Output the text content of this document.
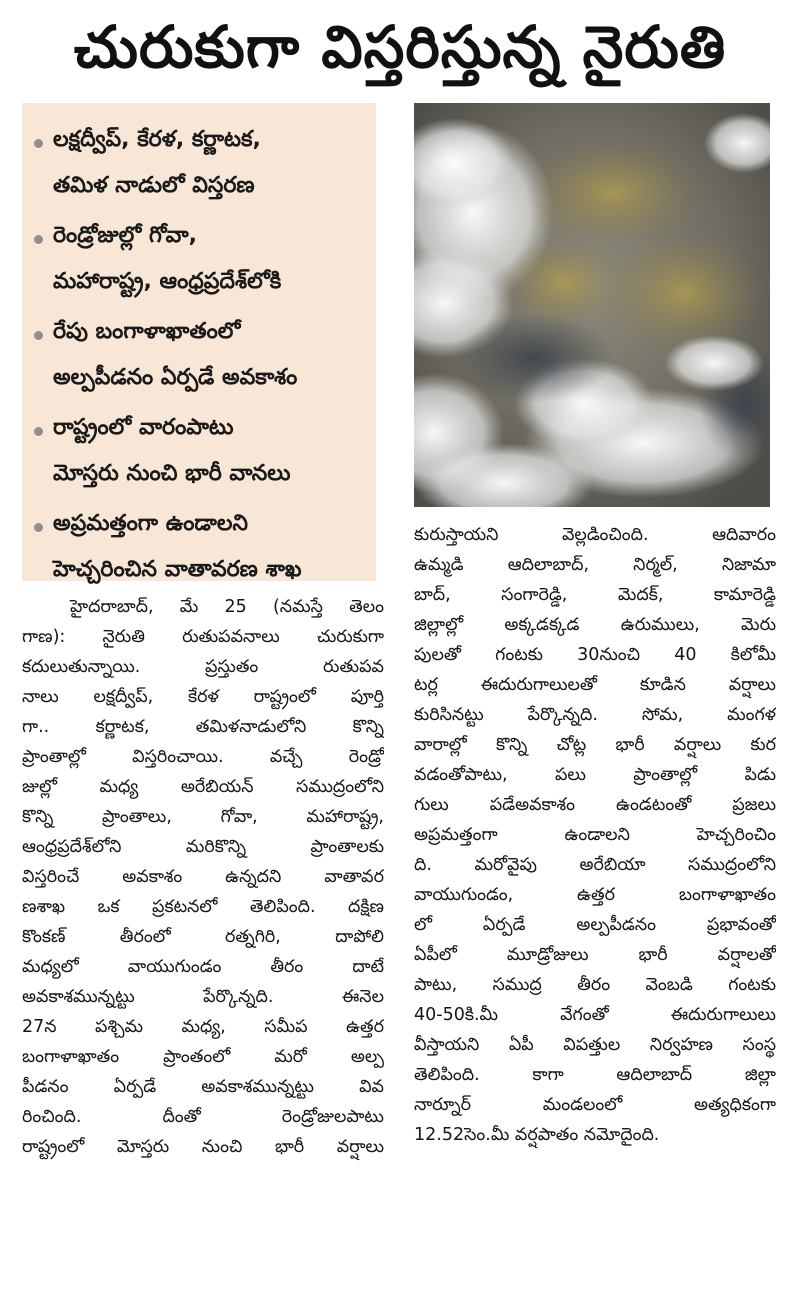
చురుకుగా విస్తరిస్తున్న నైరుతి
లక్షద్వీప్, కేరళ, కర్ణాటక,
తమిళ నాడులో విస్తరణ
రెండ్రోజుల్లో గోవా,
మహారాష్ట్ర, ఆంధ్రప్రదేశ్‌లోకి
రేపు బంగాళాఖాతంలో
అల్పపీడనం ఏర్పడే అవకాశం
రాష్ట్రంలో వారంపాటు
మోస్తరు నుంచి భారీ వానలు
అప్రమత్తంగా ఉండాలని
హెచ్చరించిన వాతావరణ శాఖ
హైదరాబాద్, మే 25 (నమస్తే తెలం
గాణ): నైరుతి రుతుపవనాలు చురుకుగా
కదులుతున్నాయి. ప్రస్తుతం రుతుపవ
నాలు లక్షద్వీప్, కేరళ రాష్ట్రంలో పూర్తి
గా.. కర్ణాటక, తమిళనాడులోని కొన్ని
ప్రాంతాల్లో విస్తరించాయి. వచ్చే రెండ్రో
జుల్లో మధ్య అరేబియన్ సముద్రంలోని
కొన్ని ప్రాంతాలు, గోవా, మహారాష్ట్ర,
ఆంధ్రప్రదేశ్‌లోని మరికొన్ని ప్రాంతాలకు
విస్తరించే అవకాశం ఉన్నదని వాతావర
ణశాఖ ఒక ప్రకటనలో తెలిపింది. దక్షిణ
కొంకణ్ తీరంలో రత్నగిరి, దాపోలి
మధ్యలో వాయుగుండం తీరం దాటే
అవకాశమున్నట్టు పేర్కొన్నది. ఈనెల
27న పశ్చిమ మధ్య, సమీప ఉత్తర
బంగాళాఖాతం ప్రాంతంలో మరో అల్ప
పీడనం ఏర్పడే అవకాశమున్నట్టు వివ
రించింది. దీంతో రెండ్రోజులపాటు
రాష్ట్రంలో మోస్తరు నుంచి భారీ వర్షాలు
కురుస్తాయని వెల్లడించింది. ఆదివారం
ఉమ్మడి ఆదిలాబాద్, నిర్మల్, నిజామా
బాద్, సంగారెడ్డి, మెదక్, కామారెడ్డి
జిల్లాల్లో అక్కడక్కడ ఉరుములు, మెరు
పులతో గంటకు 30నుంచి 40 కిలోమీ
టర్ల ఈదురుగాలులతో కూడిన వర్షాలు
కురిసినట్టు పేర్కొన్నది. సోమ, మంగళ
వారాల్లో కొన్ని చోట్ల భారీ వర్షాలు కుర
వడంతోపాటు, పలు ప్రాంతాల్లో పిడు
గులు పడేఅవకాశం ఉండటంతో ప్రజలు
అప్రమత్తంగా ఉండాలని హెచ్చరించిం
ది. మరోవైపు అరేబియా సముద్రంలోని
వాయుగుండం, ఉత్తర బంగాళాఖాతం
లో ఏర్పడే అల్పపీడనం ప్రభావంతో
ఏపీలో మూడ్రోజులు భారీ వర్షాలతో
పాటు, సముద్ర తీరం వెంబడి గంటకు
40-50కి.మీ వేగంతో ఈదురుగాలులు
వీస్తాయని ఏపీ విపత్తుల నిర్వహణ సంస్థ
తెలిపింది. కాగా ఆదిలాబాద్ జిల్లా
నార్నూర్ మండలంలో అత్యధికంగా
12.52సెం.మీ వర్షపాతం నమోదైంది.
